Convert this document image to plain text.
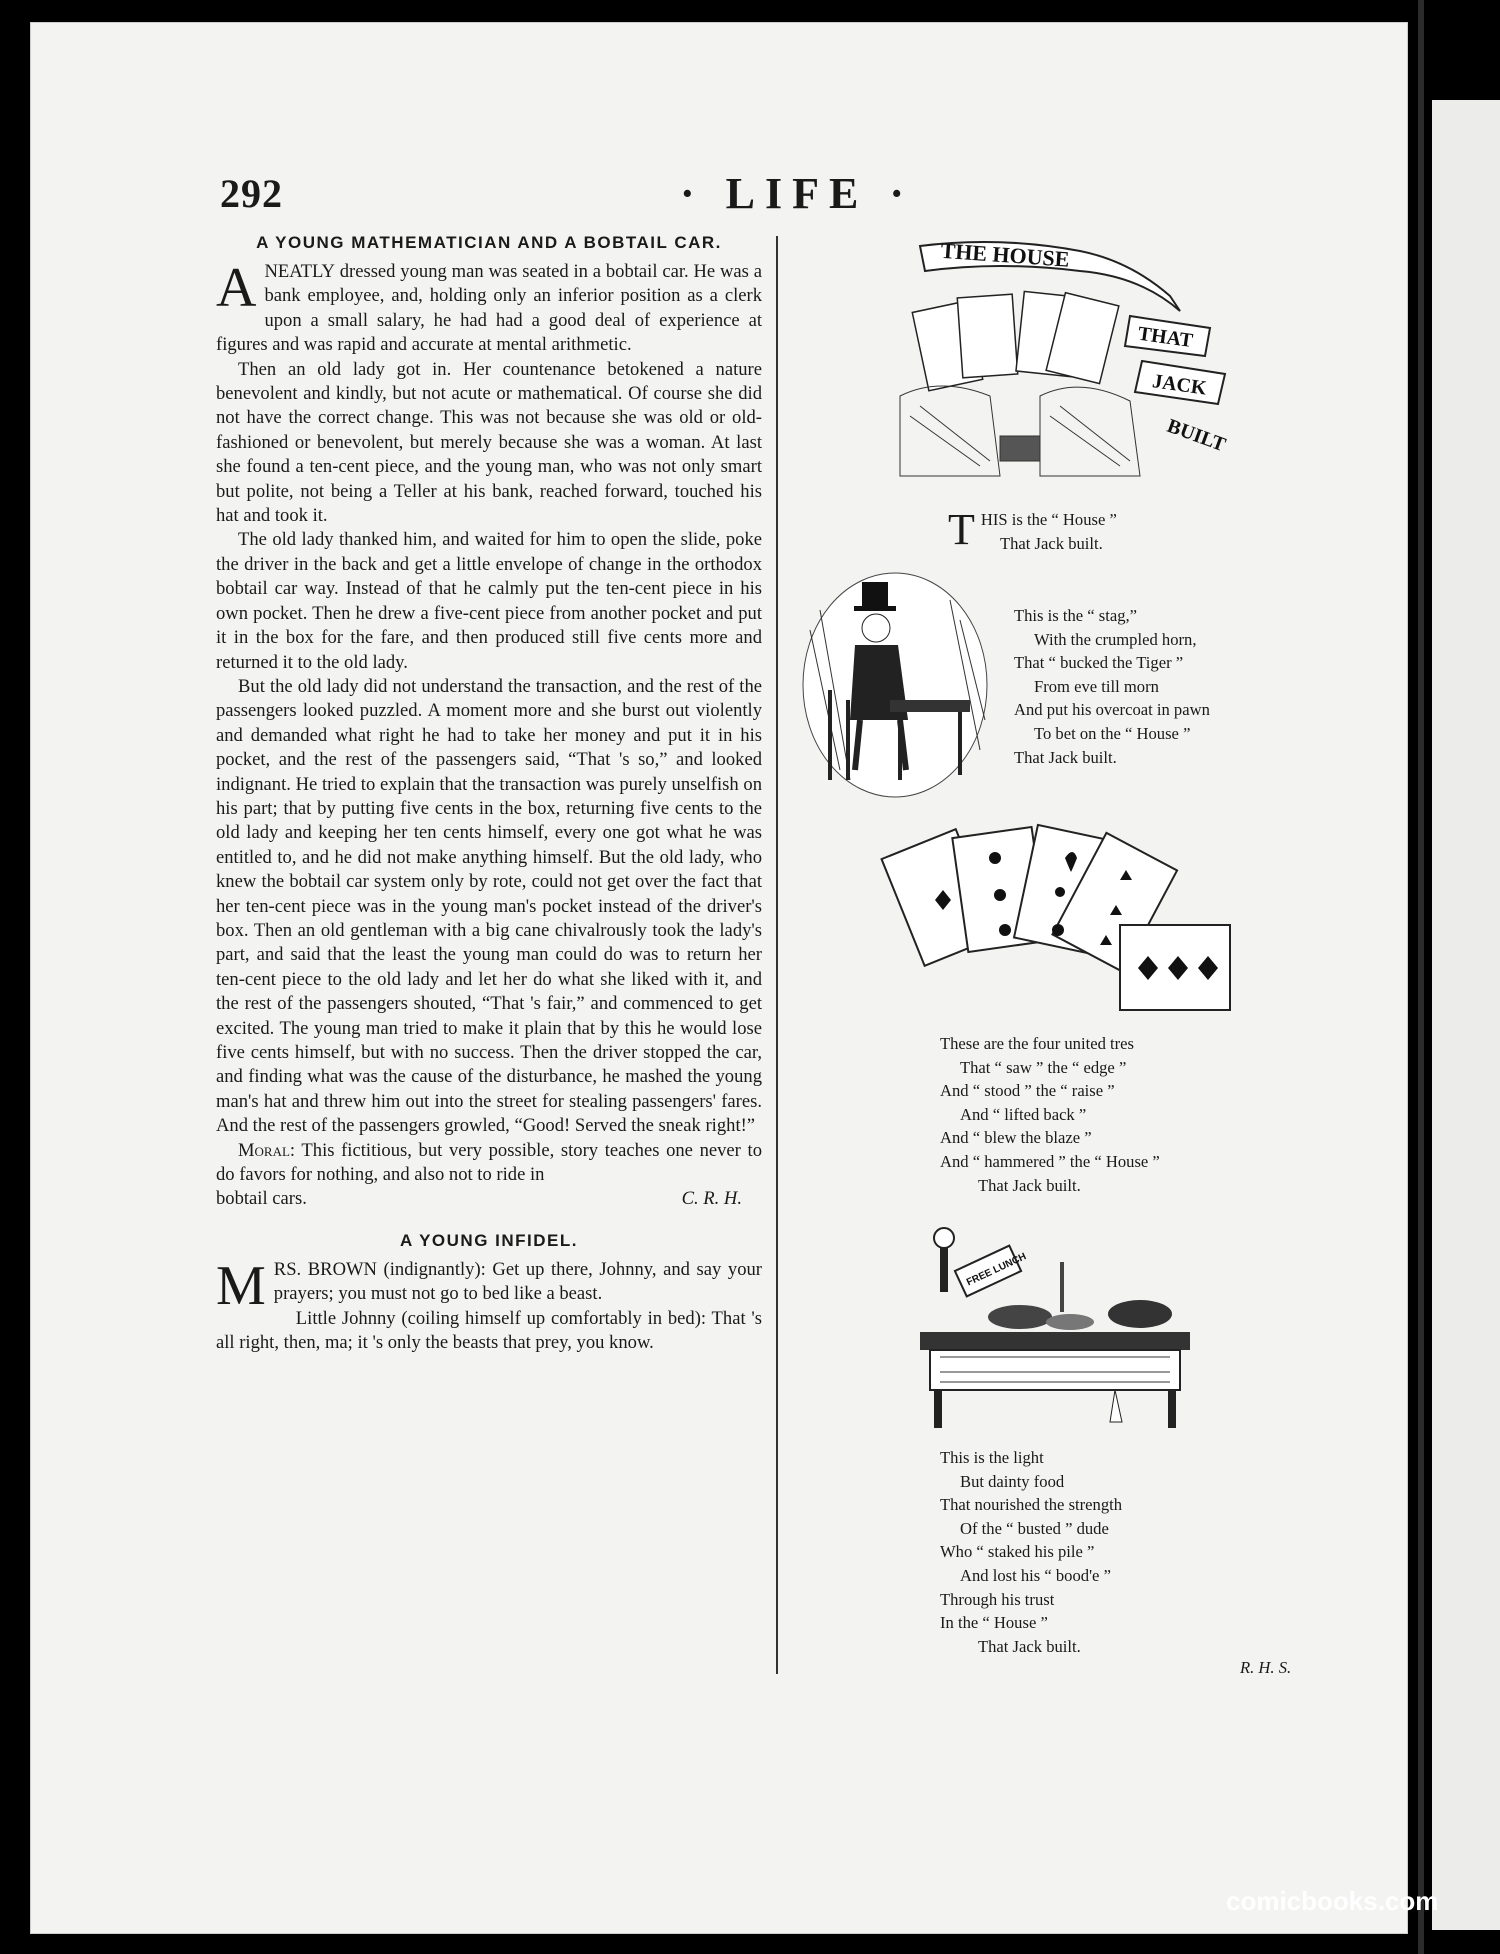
292	· LIFE ·
A YOUNG MATHEMATICIAN AND A BOBTAIL CAR.

ANEATLY dressed young man was seated in a bobtail car. He was a bank employee, and, holding only an inferior position as a clerk upon a small salary, he had had a good deal of experience at figures and was rapid and accurate at mental arithmetic.

Then an old lady got in. Her countenance betokened a nature benevolent and kindly, but not acute or mathematical. Of course she did not have the correct change. This was not because she was old or old-fashioned or benevolent, but merely because she was a woman. At last she found a ten-cent piece, and the young man, who was not only smart but polite, not being a Teller at his bank, reached forward, touched his hat and took it.

The old lady thanked him, and waited for him to open the slide, poke the driver in the back and get a little envelope of change in the orthodox bobtail car way. Instead of that he calmly put the ten-cent piece in his own pocket. Then he drew a five-cent piece from another pocket and put it in the box for the fare, and then produced still five cents more and returned it to the old lady.

But the old lady did not understand the transaction, and the rest of the passengers looked puzzled. A moment more and she burst out violently and demanded what right he had to take her money and put it in his pocket, and the rest of the passengers said, “That 's so,” and looked indignant. He tried to explain that the transaction was purely unselfish on his part; that by putting five cents in the box, returning five cents to the old lady and keeping her ten cents himself, every one got what he was entitled to, and he did not make anything himself. But the old lady, who knew the bobtail car system only by rote, could not get over the fact that her ten-cent piece was in the young man's pocket instead of the driver's box. Then an old gentleman with a big cane chivalrously took the lady's part, and said that the least the young man could do was to return her ten-cent piece to the old lady and let her do what she liked with it, and the rest of the passengers shouted, “That 's fair,” and commenced to get excited. The young man tried to make it plain that by this he would lose five cents himself, but with no success. Then the driver stopped the car, and finding what was the cause of the disturbance, he mashed the young man's hat and threw him out into the street for stealing passengers' fares. And the rest of the passengers growled, “Good! Served the sneak right!”

Moral: This fictitious, but very possible, story teaches one never to do favors for nothing, and also not to ride in

bobtail cars.	C. R. H.
A YOUNG INFIDEL.

MRS. BROWN (indignantly): Get up there, Johnny, and say your prayers; you must not go to bed like a beast.

Little Johnny (coiling himself up comfortably in bed): That 's all right, then, ma; it 's only the beasts that prey, you know.

THE HOUSE
THAT
JACK
BUILT
THIS is the “ House ”
That Jack built.
This is the “ stag,”
With the crumpled horn,
That “ bucked the Tiger ”
From eve till morn
And put his overcoat in pawn
To bet on the “ House ”
That Jack built.
These are the four united tres
That “ saw ” the “ edge ”
And “ stood ” the “ raise ”
And “ lifted back ”
And “ blew the blaze ”
And “ hammered ” the “ House ”
That Jack built.
FREE LUNCH
This is the light
But dainty food
That nourished the strength
Of the “ busted ” dude
Who “ staked his pile ”
And lost his “ bood'e ”
Through his trust
In the “ House ”
That Jack built.
R. H. S.
comicbooks.com
